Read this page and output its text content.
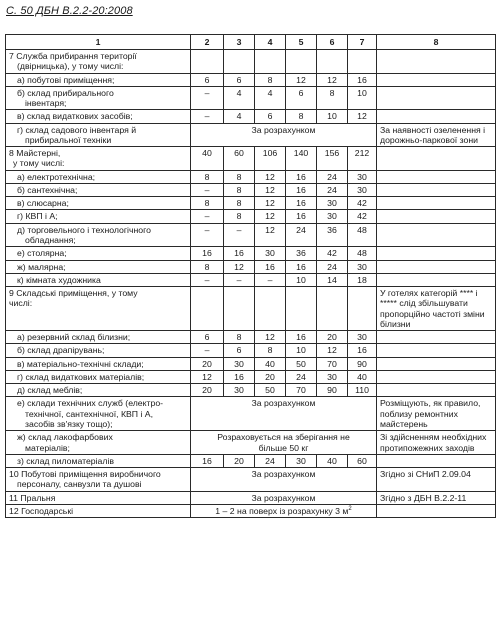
С. 50 ДБН В.2.2-20:2008
1	2	3	4	5	6	7	8

7 Служба прибирання території
(двірницька), у тому числі:							

а) побутові приміщення;	6	6	8	12	12	16	

б) склад прибирального
інвентаря;	–	4	4	6	8	10	

в) склад видаткових засобів;	–	4	6	8	10	12	

г) склад садового інвентаря й
прибиральної техніки	За розрахунком						За наявності озеленення і дорожньо-паркової зони

8 Майстерні,
у тому числі:	40	60	106	140	156	212	

а) електротехнічна;	8	8	12	16	24	30	

б) сантехнічна;	–	8	12	16	24	30	

в) слюсарна;	8	8	12	16	30	42	

г) КВП і А;	–	8	12	16	30	42	

д) торговельного і технологічного
обладнання;	–	–	12	24	36	48	

е) столярна;	16	16	30	36	42	48	

ж) малярна;	8	12	16	16	24	30	

к) кімната художника	–	–	–	10	14	18	

9 Складські приміщення, у тому
числі:							У готелях категорій **** і ***** слід збільшувати пропорційно частоті зміни білизни

а) резервний склад білизни;	6	8	12	16	20	30	

б) склад драпірувань;	–	6	8	10	12	16	

в) матеріально-технічні склади;	20	30	40	50	70	90	

г) склад видаткових матеріалів;	12	16	20	24	30	40	

д) склад меблів;	20	30	50	70	90	110	

е) склади технічних служб (електро-
технічної, сантехнічної, КВП і А,
засобів зв'язку тощо);	За розрахунком						Розміщують, як правило, поблизу ремонтних майстерень

ж) склад лакофарбових
матеріалів;	Розраховується на зберігання не більше 50 кг						Зі здійсненням необхідних протипожежних заходів

з) склад пиломатеріалів	16	20	24	30	40	60	

10 Побутові приміщення виробничого
персоналу, санвузли та душові	За розрахунком						Згідно зі СНиП 2.09.04

11 Пральня	За розрахунком						Згідно з ДБН В.2.2-11

12 Господарські	1 – 2 на поверх із розрахунку 3 $м^2$	
